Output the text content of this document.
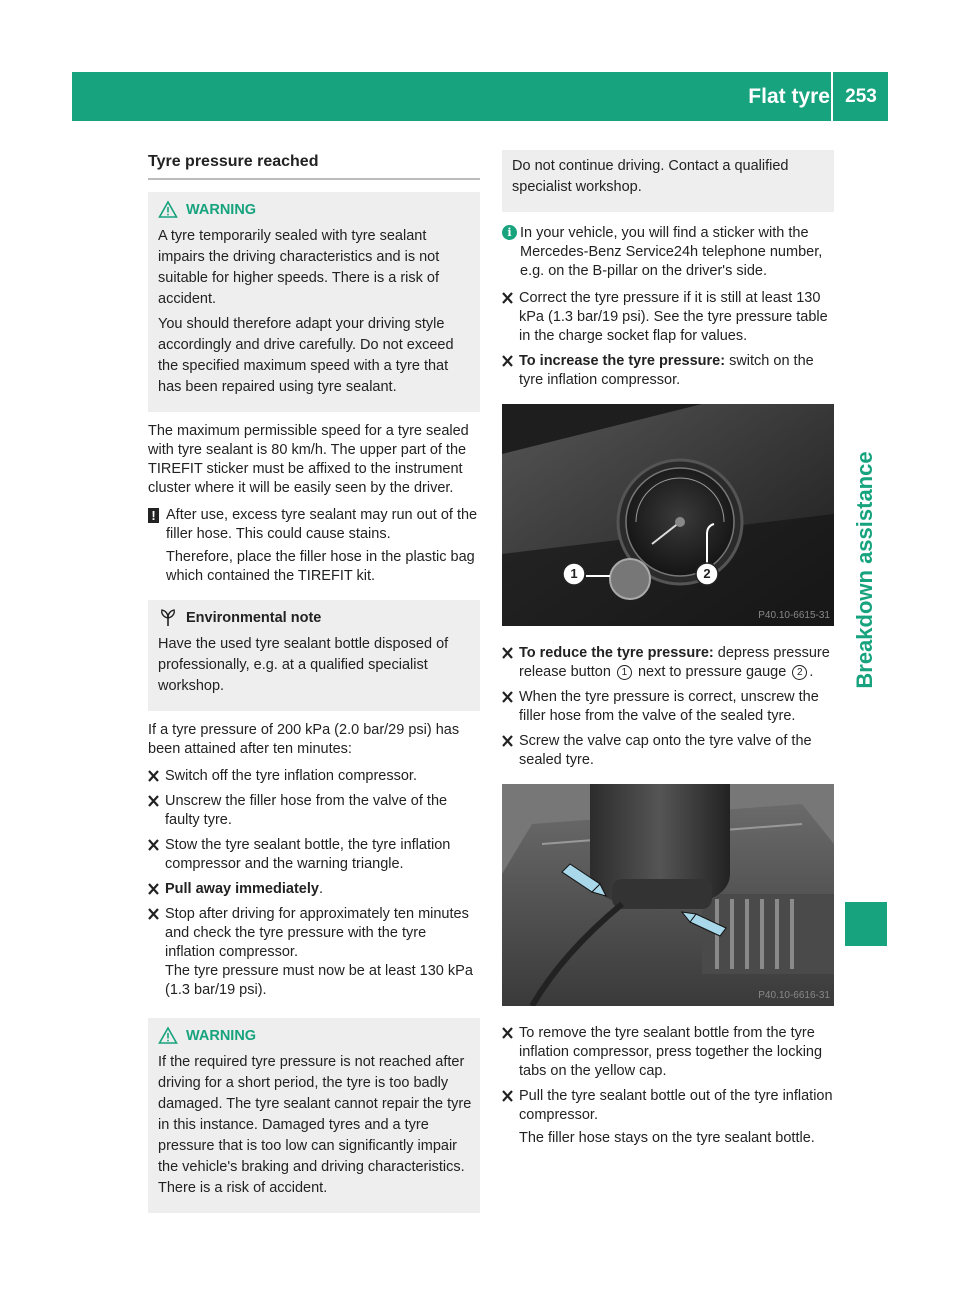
Flat tyre 253
Breakdown assistance
Tyre pressure reached
WARNING

A tyre temporarily sealed with tyre sealant impairs the driving characteristics and is not suitable for higher speeds. There is a risk of accident.

You should therefore adapt your driving style accordingly and drive carefully. Do not exceed the specified maximum speed with a tyre that has been repaired using tyre sealant.

The maximum permissible speed for a tyre sealed with tyre sealant is 80 km/h. The upper part of the TIREFIT sticker must be affixed to the instrument cluster where it will be easily seen by the driver.

! After use, excess tyre sealant may run out of the filler hose. This could cause stains.
Therefore, place the filler hose in the plastic bag which contained the TIREFIT kit.
Environmental note

Have the used tyre sealant bottle disposed of professionally, e.g. at a qualified specialist workshop.

If a tyre pressure of 200 kPa (2.0 bar/29 psi) has been attained after ten minutes:

Switch off the tyre inflation compressor.
Unscrew the filler hose from the valve of the faulty tyre.
Stow the tyre sealant bottle, the tyre inflation compressor and the warning triangle.
Pull away immediately.
Stop after driving for approximately ten minutes and check the tyre pressure with the tyre inflation compressor.
The tyre pressure must now be at least 130 kPa (1.3 bar/19 psi).
WARNING

If the required tyre pressure is not reached after driving for a short period, the tyre is too badly damaged. The tyre sealant cannot repair the tyre in this instance. Damaged tyres and a tyre pressure that is too low can significantly impair the vehicle's braking and driving characteristics. There is a risk of accident.

Do not continue driving. Contact a qualified specialist workshop.

i In your vehicle, you will find a sticker with the Mercedes-Benz Service24h telephone number, e.g. on the B-pillar on the driver's side.
Correct the tyre pressure if it is still at least 130 kPa (1.3 bar/19 psi). See the tyre pressure table in the charge socket flap for values.
To increase the tyre pressure: switch on the tyre inflation compressor.
1	2
P40.10-6615-31
To reduce the tyre pressure: depress pressure release button 1 next to pressure gauge 2 .
When the tyre pressure is correct, unscrew the filler hose from the valve of the sealed tyre.
Screw the valve cap onto the tyre valve of the sealed tyre.
P40.10-6616-31
To remove the tyre sealant bottle from the tyre inflation compressor, press together the locking tabs on the yellow cap.
Pull the tyre sealant bottle out of the tyre inflation compressor.
The filler hose stays on the tyre sealant bottle.
